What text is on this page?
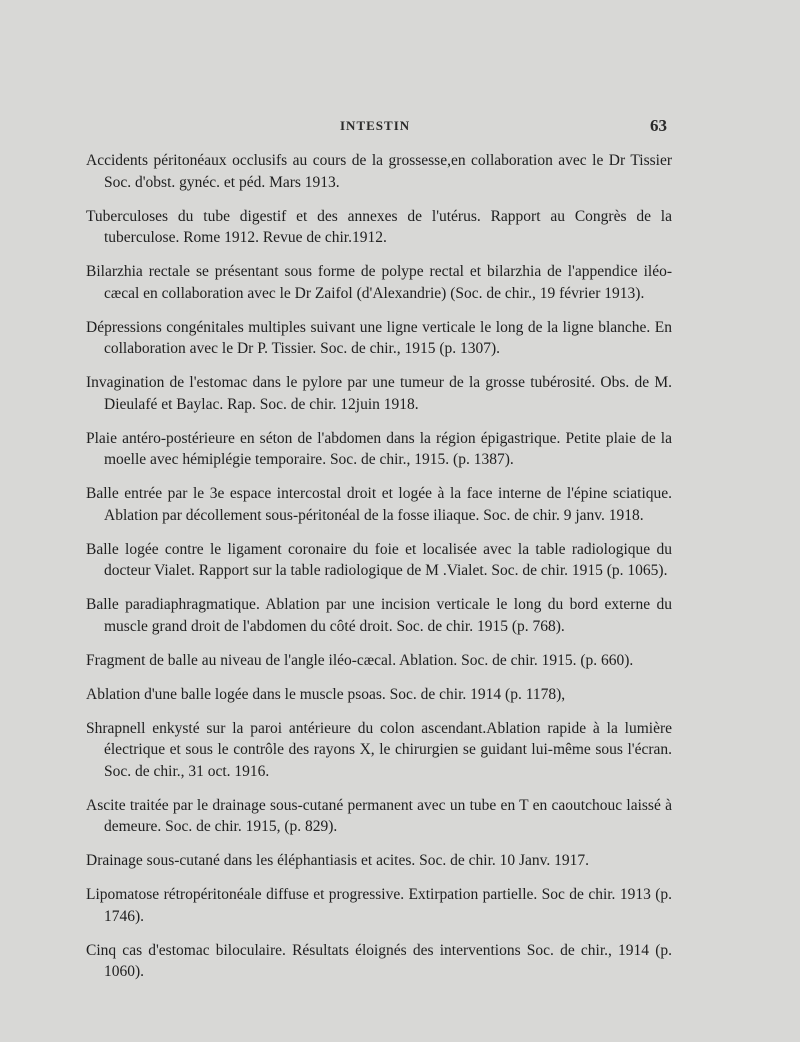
INTESTIN	63

Accidents péritonéaux occlusifs au cours de la grossesse,en collaboration avec le Dr Tissier Soc. d'obst. gynéc. et péd. Mars 1913.

Tuberculoses du tube digestif et des annexes de l'utérus. Rapport au Congrès de la tuberculose. Rome 1912. Revue de chir.1912.

Bilarzhia rectale se présentant sous forme de polype rectal et bilarzhia de l'appendice iléo-cæcal en collaboration avec le Dr Zaifol (d'Alexandrie) (Soc. de chir., 19 février 1913).

Dépressions congénitales multiples suivant une ligne verticale le long de la ligne blanche. En collaboration avec le Dr P. Tissier. Soc. de chir., 1915 (p. 1307).

Invagination de l'estomac dans le pylore par une tumeur de la grosse tubérosité. Obs. de M. Dieulafé et Baylac. Rap. Soc. de chir. 12juin 1918.

Plaie antéro-postérieure en séton de l'abdomen dans la région épigastrique. Petite plaie de la moelle avec hémiplégie temporaire. Soc. de chir., 1915. (p. 1387).

Balle entrée par le 3e espace intercostal droit et logée à la face interne de l'épine sciatique. Ablation par décollement sous-péritonéal de la fosse iliaque. Soc. de chir. 9 janv. 1918.

Balle logée contre le ligament coronaire du foie et localisée avec la table radiologique du docteur Vialet. Rapport sur la table radiologique de M .Vialet. Soc. de chir. 1915 (p. 1065).

Balle paradiaphragmatique. Ablation par une incision verticale le long du bord externe du muscle grand droit de l'abdomen du côté droit. Soc. de chir. 1915 (p. 768).

Fragment de balle au niveau de l'angle iléo-cæcal. Ablation. Soc. de chir. 1915. (p. 660).

Ablation d'une balle logée dans le muscle psoas. Soc. de chir. 1914 (p. 1178),

Shrapnell enkysté sur la paroi antérieure du colon ascendant.Ablation rapide à la lumière électrique et sous le contrôle des rayons X, le chirurgien se guidant lui-même sous l'écran. Soc. de chir., 31 oct. 1916.

Ascite traitée par le drainage sous-cutané permanent avec un tube en T en caoutchouc laissé à demeure. Soc. de chir. 1915, (p. 829).

Drainage sous-cutané dans les éléphantiasis et acites. Soc. de chir. 10 Janv. 1917.

Lipomatose rétropéritonéale diffuse et progressive. Extirpation partielle. Soc de chir. 1913 (p. 1746).

Cinq cas d'estomac biloculaire. Résultats éloignés des interventions Soc. de chir., 1914 (p. 1060).
